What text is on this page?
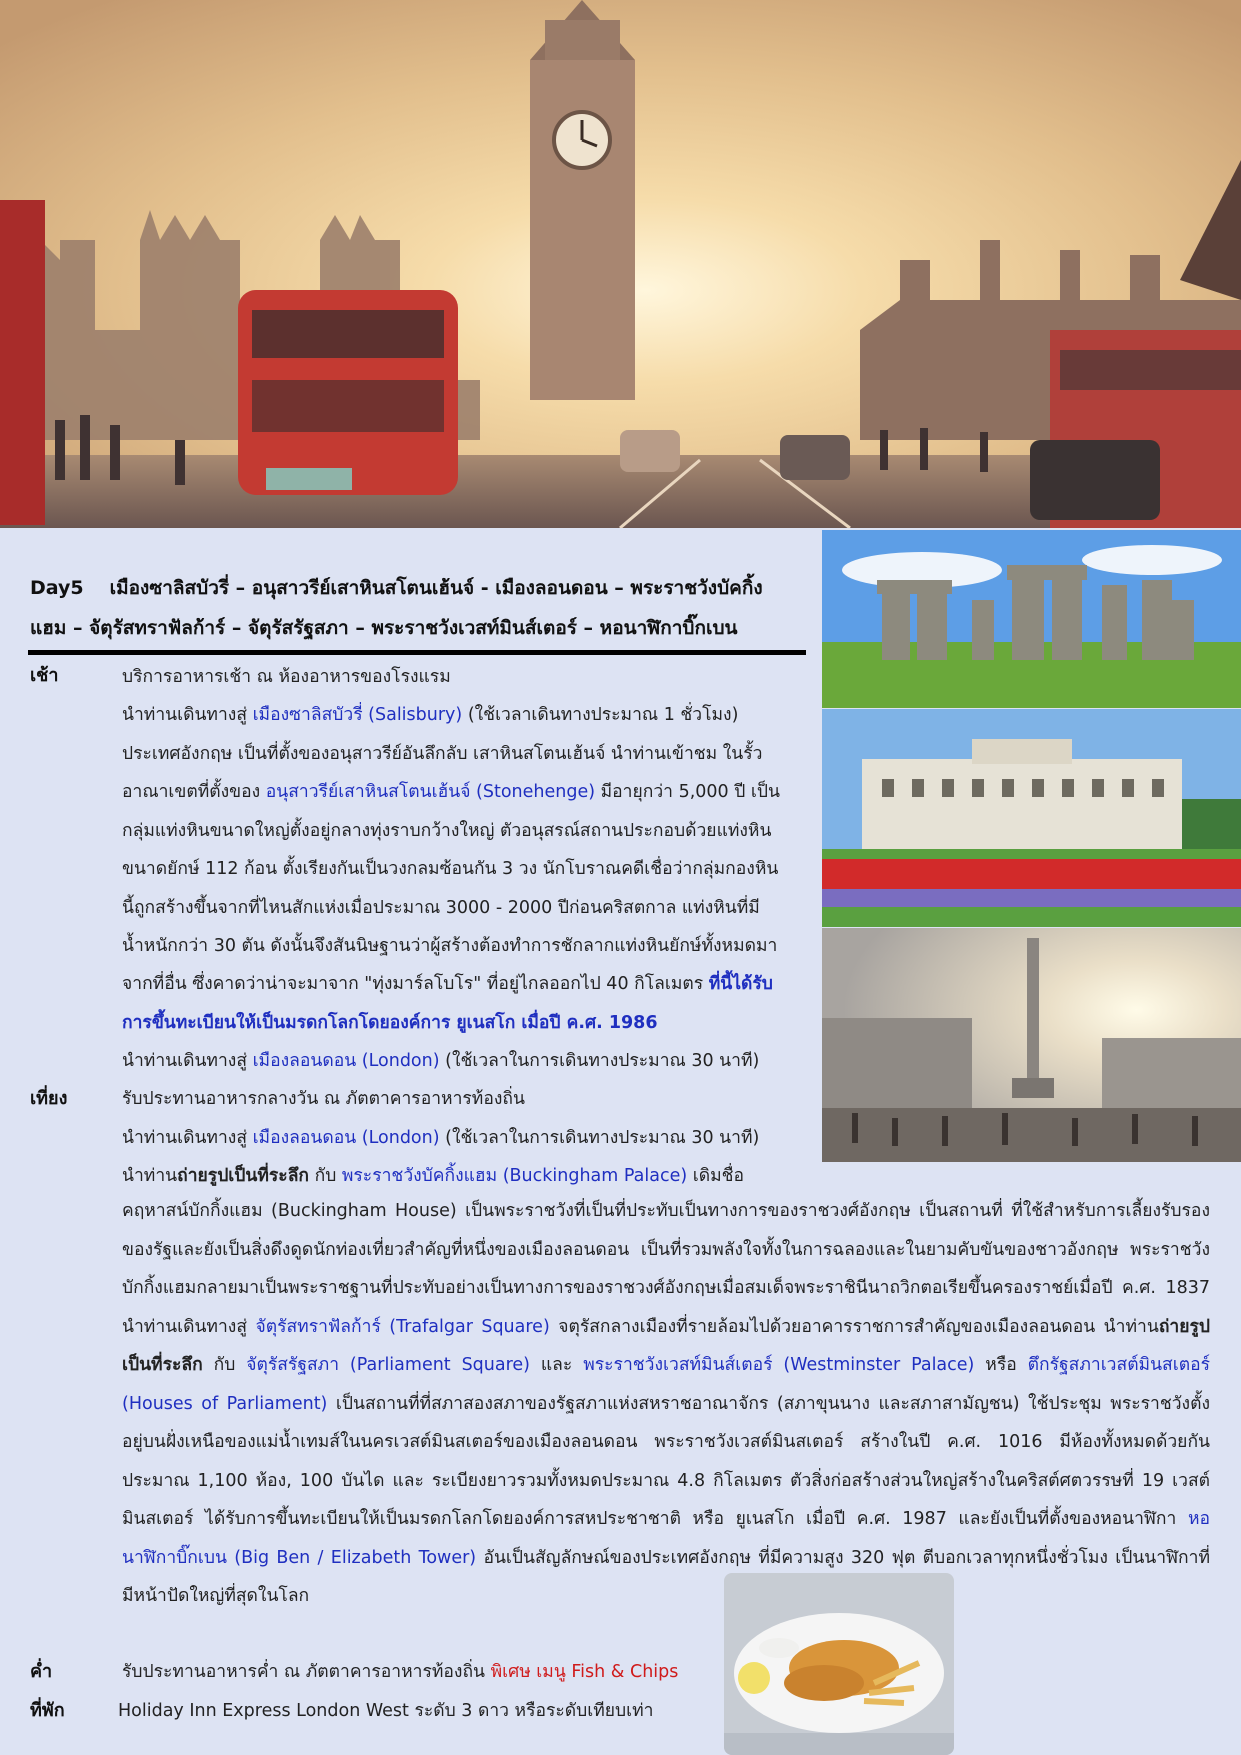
Day5 เมืองซาลิสบัวรี่ – อนุสาวรีย์เสาหินสโตนเฮ้นจ์ - เมืองลอนดอน – พระราชวังบัคกิ้ง
แฮม – จัตุรัสทราฟัลก้าร์ – จัตุรัสรัฐสภา – พระราชวังเวสท์มินส์เตอร์ – หอนาฬิกาบิ๊กเบน
เช้า	บริการอาหารเช้า ณ ห้องอาหารของโรงแรม
นำท่านเดินทางสู่ เมืองซาลิสบัวรี่ (Salisbury) (ใช้เวลาเดินทางประมาณ 1 ชั่วโมง)
ประเทศอังกฤษ เป็นที่ตั้งของอนุสาวรีย์อันลึกลับ เสาหินสโตนเฮ้นจ์ นำท่านเข้าชม ในรั้ว
อาณาเขตที่ตั้งของ อนุสาวรีย์เสาหินสโตนเฮ้นจ์ (Stonehenge) มีอายุกว่า 5,000 ปี เป็น
กลุ่มแท่งหินขนาดใหญ่ตั้งอยู่กลางทุ่งราบกว้างใหญ่ ตัวอนุสรณ์สถานประกอบด้วยแท่งหิน
ขนาดยักษ์ 112 ก้อน ตั้งเรียงกันเป็นวงกลมซ้อนกัน 3 วง นักโบราณคดีเชื่อว่ากลุ่มกองหิน
นี้ถูกสร้างขึ้นจากที่ไหนสักแห่งเมื่อประมาณ 3000 - 2000 ปีก่อนคริสตกาล แท่งหินที่มี
น้ำหนักกว่า 30 ตัน ดังนั้นจึงสันนิษฐานว่าผู้สร้างต้องทำการชักลากแท่งหินยักษ์ทั้งหมดมา
จากที่อื่น ซึ่งคาดว่าน่าจะมาจาก "ทุ่งมาร์ลโบโร" ที่อยู่ไกลออกไป 40 กิโลเมตร ที่นี้ได้รับ
การขึ้นทะเบียนให้เป็นมรดกโลกโดยองค์การ ยูเนสโก เมื่อปี ค.ศ. 1986
นำท่านเดินทางสู่ เมืองลอนดอน (London) (ใช้เวลาในการเดินทางประมาณ 30 นาที)
เที่ยง	รับประทานอาหารกลางวัน ณ ภัตตาคารอาหารท้องถิ่น
นำท่านเดินทางสู่ เมืองลอนดอน (London) (ใช้เวลาในการเดินทางประมาณ 30 นาที)
นำท่านถ่ายรูปเป็นที่ระลึก กับ พระราชวังบัคกิ้งแฮม (Buckingham Palace) เดิมชื่อ
คฤหาสน์บักกิ้งแฮม (Buckingham House) เป็นพระราชวังที่เป็นที่ประทับเป็นทางการของราชวงศ์อังกฤษ เป็นสถานที่ ที่ใช้สำหรับการเลี้ยงรับรองของรัฐและยังเป็นสิ่งดึงดูดนักท่องเที่ยวสำคัญที่หนึ่งของเมืองลอนดอน เป็นที่รวมพลังใจทั้งในการฉลองและในยามคับขันของชาวอังกฤษ พระราชวังบักกิ้งแฮมกลายมาเป็นพระราชฐานที่ประทับอย่างเป็นทางการของราชวงศ์อังกฤษเมื่อสมเด็จพระราชินีนาถวิกตอเรียขึ้นครองราชย์เมื่อปี ค.ศ. 1837 นำท่านเดินทางสู่ จัตุรัสทราฟัลก้าร์ (Trafalgar Square) จตุรัสกลางเมืองที่รายล้อมไปด้วยอาคารราชการสำคัญของเมืองลอนดอน นำท่านถ่ายรูปเป็นที่ระลึก กับ จัตุรัสรัฐสภา (Parliament Square) และ พระราชวังเวสท์มินส์เตอร์ (Westminster Palace) หรือ ตึกรัฐสภาเวสต์มินสเตอร์ (Houses of Parliament) เป็นสถานที่ที่สภาสองสภาของรัฐสภาแห่งสหราชอาณาจักร (สภาขุนนาง และสภาสามัญชน) ใช้ประชุม พระราชวังตั้งอยู่บนฝั่งเหนือของแม่น้ำเทมส์ในนครเวสต์มินสเตอร์ของเมืองลอนดอน พระราชวังเวสต์มินสเตอร์ สร้างในปี ค.ศ. 1016 มีห้องทั้งหมดด้วยกันประมาณ 1,100 ห้อง, 100 บันได และ ระเบียงยาวรวมทั้งหมดประมาณ 4.8 กิโลเมตร ตัวสิ่งก่อสร้างส่วนใหญ่สร้างในคริสต์ศตวรรษที่ 19 เวสต์มินสเตอร์ ได้รับการขึ้นทะเบียนให้เป็นมรดกโลกโดยองค์การสหประชาชาติ หรือ ยูเนสโก เมื่อปี ค.ศ. 1987 และยังเป็นที่ตั้งของหอนาฬิกา หอนาฬิกาบิ๊กเบน (Big Ben / Elizabeth Tower) อันเป็นสัญลักษณ์ของประเทศอังกฤษ ที่มีความสูง 320 ฟุต ตีบอกเวลาทุกหนึ่งชั่วโมง เป็นนาฬิกาที่มีหน้าปัดใหญ่ที่สุดในโลก
ค่ำ	รับประทานอาหารค่ำ ณ ภัตตาคารอาหารท้องถิ่น พิเศษ เมนู Fish & Chips
ที่พัก	Holiday Inn Express London West ระดับ 3 ดาว หรือระดับเทียบเท่า
